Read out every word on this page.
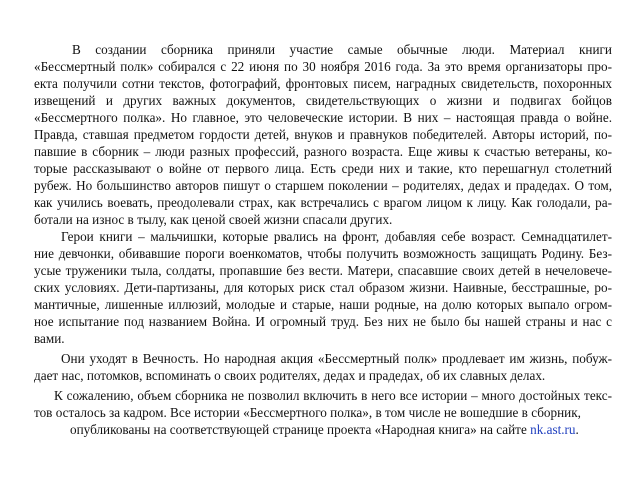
В создании сборника приняли участие самые обычные люди. Материал книги

«Бессмертный полк» собирался с 22 июня по 30 ноября 2016 года. За это время организаторы про-

екта получили сотни текстов, фотографий, фронтовых писем, наградных свидетельств, похоронных

извещений и других важных документов, свидетельствующих о жизни и подвигах бойцов

«Бессмертного полка». Но главное, это человеческие истории. В них – настоящая правда о войне.

Правда, ставшая предметом гордости детей, внуков и правнуков победителей. Авторы историй, по-

павшие в сборник – люди разных профессий, разного возраста. Еще живы к счастью ветераны, ко-

торые рассказывают о войне от первого лица. Есть среди них и такие, кто перешагнул столетний

рубеж. Но большинство авторов пишут о старшем поколении – родителях, дедах и прадедах. О том,

как учились воевать, преодолевали страх, как встречались с врагом лицом к лицу. Как голодали, ра-

ботали на износ в тылу, как ценой своей жизни спасали других.

Герои книги – мальчишки, которые рвались на фронт, добавляя себе возраст. Семнадцатилет-

ние девчонки, обивавшие пороги военкоматов, чтобы получить возможность защищать Родину. Без-

усые труженики тыла, солдаты, пропавшие без вести. Матери, спасавшие своих детей в нечеловече-

ских условиях. Дети-партизаны, для которых риск стал образом жизни. Наивные, бесстрашные, ро-

мантичные, лишенные иллюзий, молодые и старые, наши родные, на долю которых выпало огром-

ное испытание под названием Война. И огромный труд. Без них не было бы нашей страны и нас с

вами.

Они уходят в Вечность. Но народная акция «Бессмертный полк» продлевает им жизнь, побуж-

дает нас, потомков, вспоминать о своих родителях, дедах и прадедах, об их славных делах.

К сожалению, объем сборника не позволил включить в него все истории – много достойных текс-

тов осталось за кадром. Все истории «Бессмертного полка», в том числе не вошедшие в сборник,

опубликованы на соответствующей странице проекта «Народная книга» на сайте nk.ast.ru.
